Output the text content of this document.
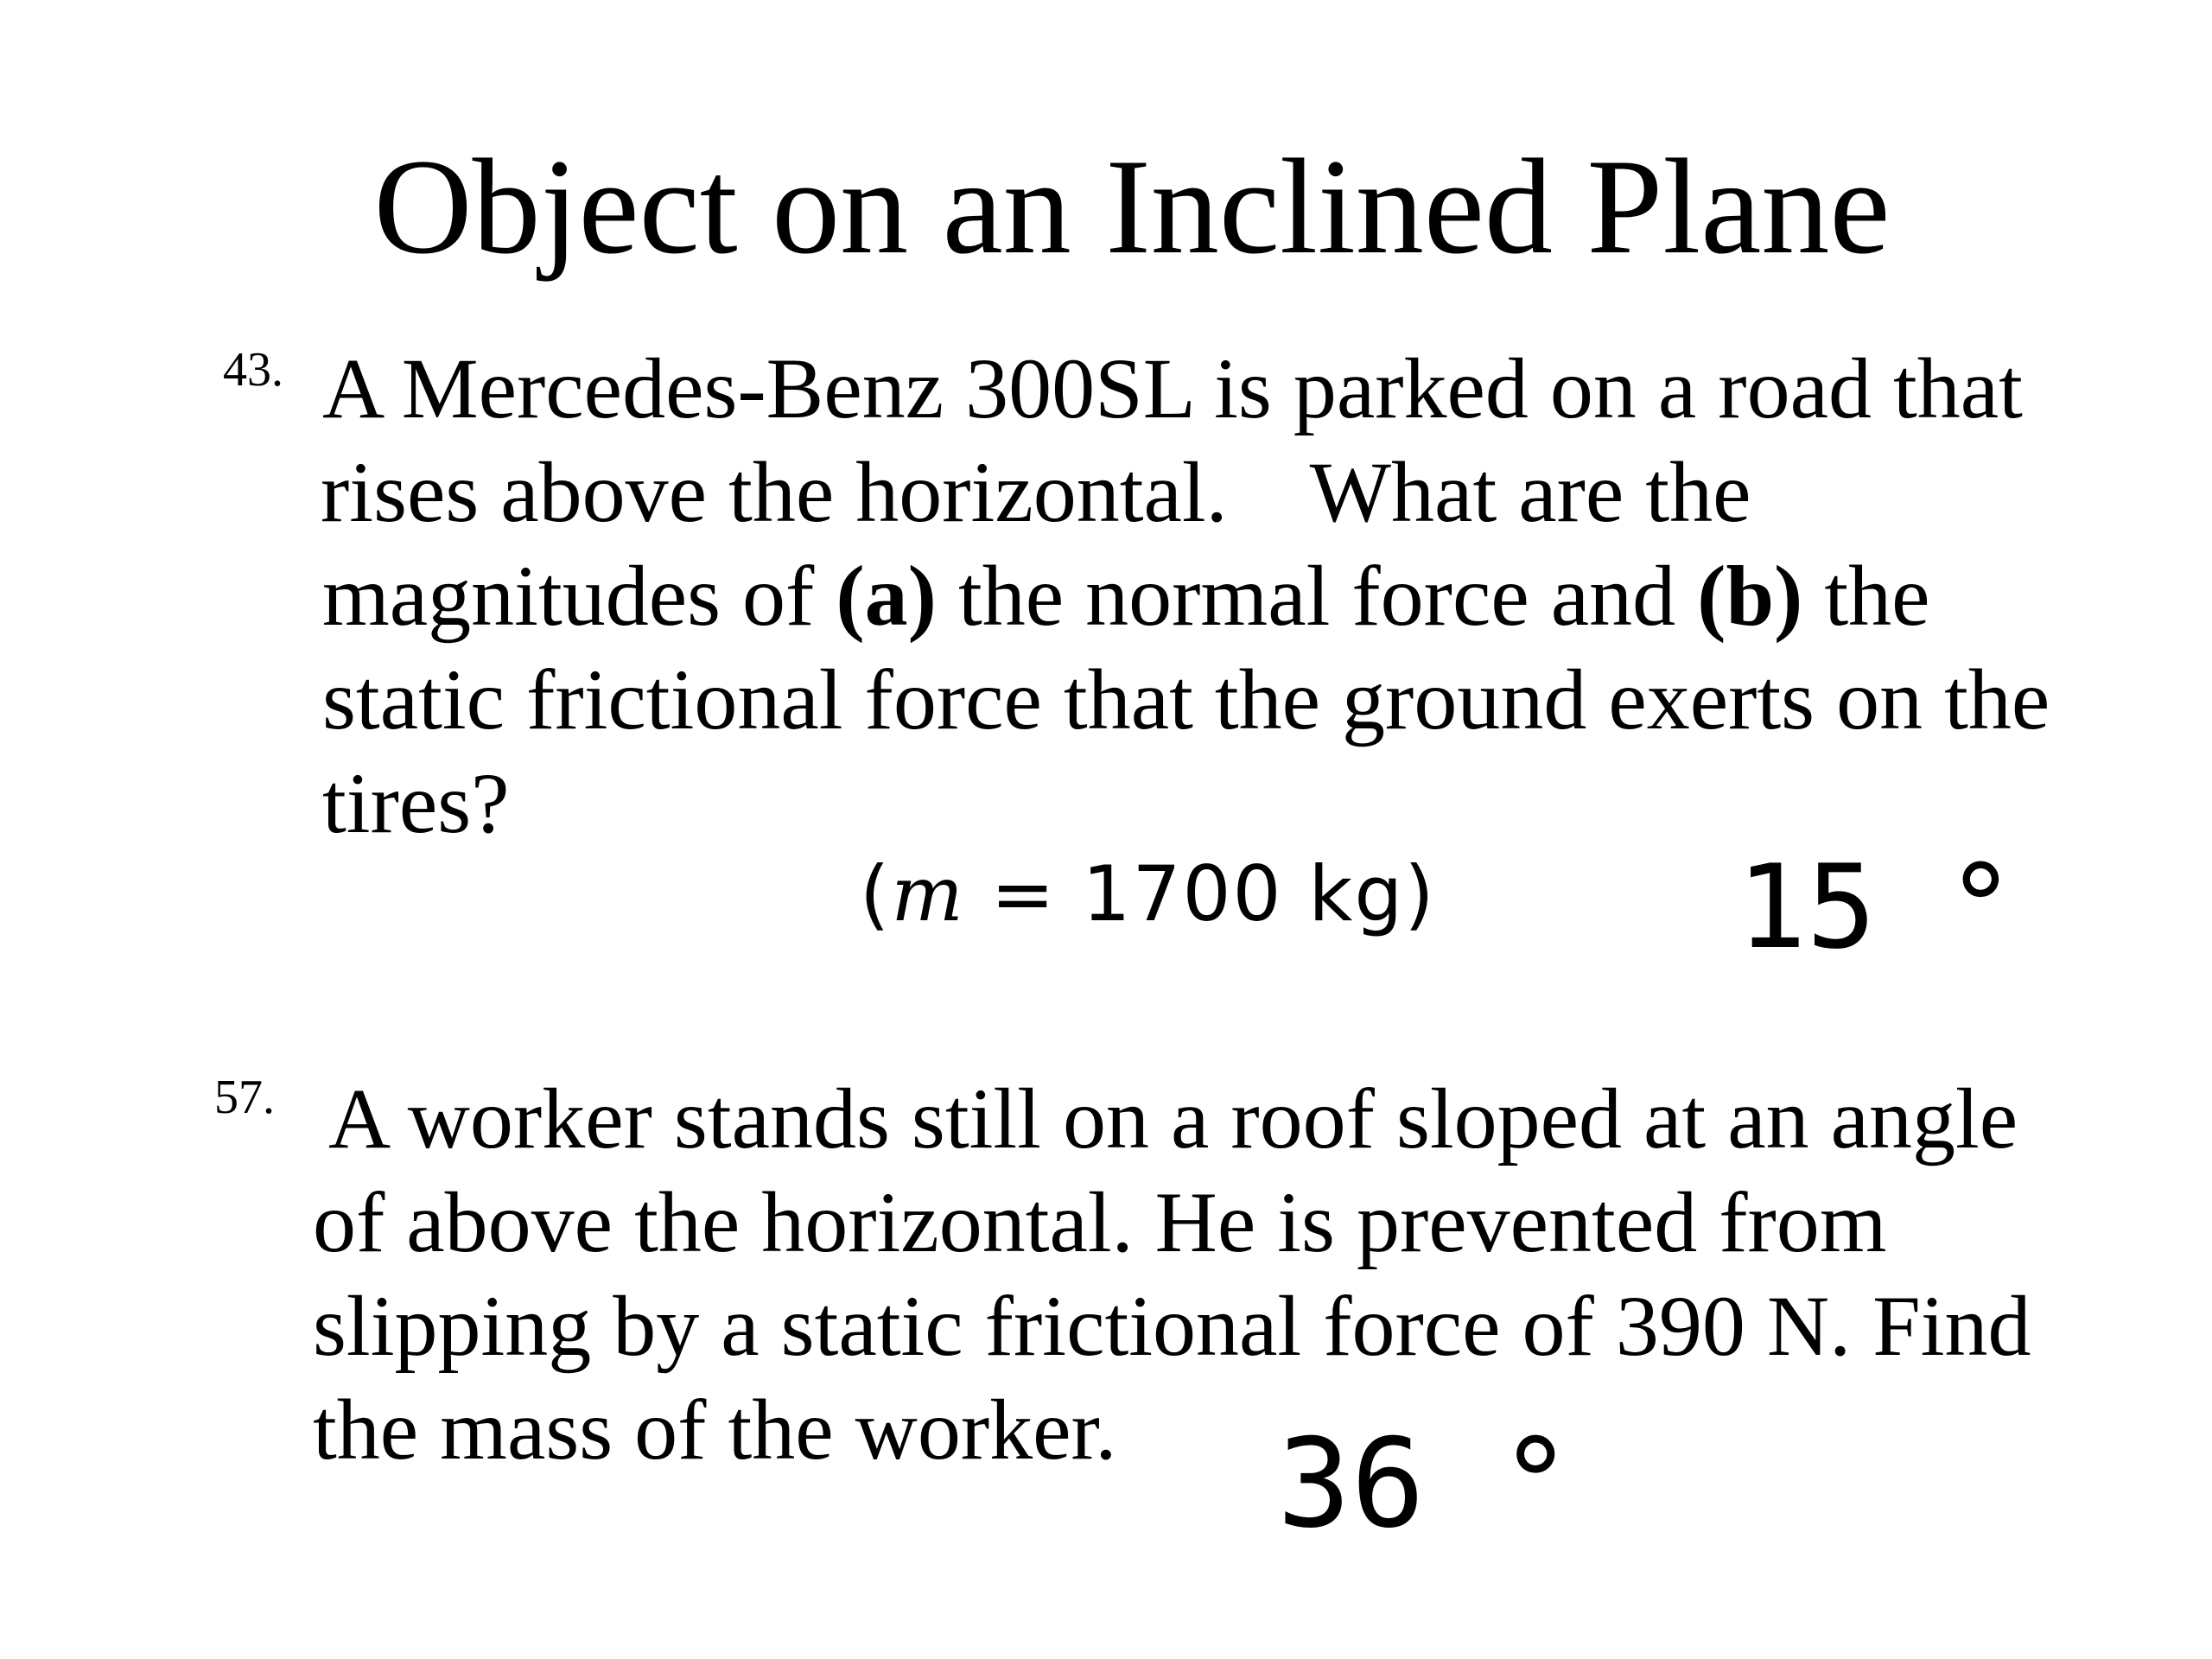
Object on an Inclined Plane
43. A Mercedes-Benz 300SL is parked on a road that
rises above the horizontal. What are the
magnitudes of (a) the normal force and (b) the
static frictional force that the ground exerts on the
tires?
(m = 1700 kg)	15 °
57. A worker stands still on a roof sloped at an angle
of above the horizontal. He is prevented from
slipping by a static frictional force of 390 N. Find
the mass of the worker.	36 °
